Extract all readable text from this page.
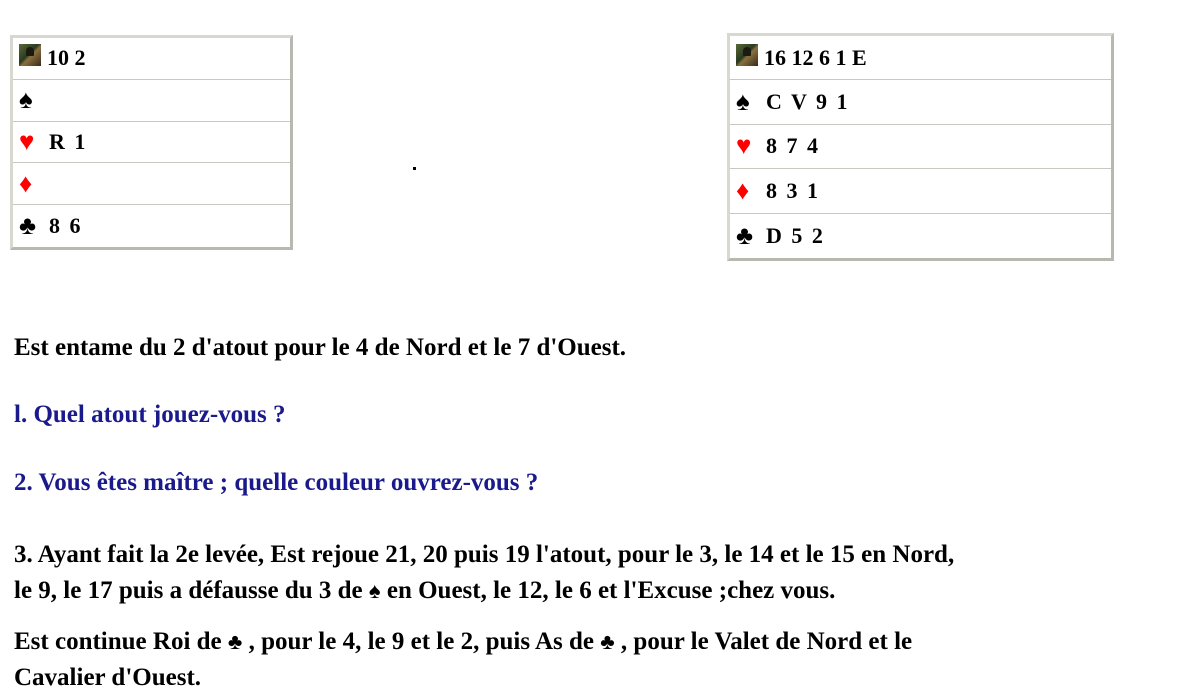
10 2
♠
♥ R 1
♦
♣ 8 6
16 12 6 1 E
♠ C V 9 1
♥ 8 7 4
♦ 8 3 1
♣ D 5 2
Est entame du 2 d'atout pour le 4 de Nord et le 7 d'Ouest.
l. Quel atout jouez-vous ?
2. Vous êtes maître ; quelle couleur ouvrez-vous ?
3. Ayant fait la 2e levée, Est rejoue 21, 20 puis 19 l'atout, pour le 3, le 14 et le 15 en Nord,
le 9, le 17 puis a défausse du 3 de ♠ en Ouest, le 12, le 6 et l'Excuse ;chez vous.
Est continue Roi de ♣ , pour le 4, le 9 et le 2, puis As de ♣ , pour le Valet de Nord et le
Cavalier d'Ouest.
